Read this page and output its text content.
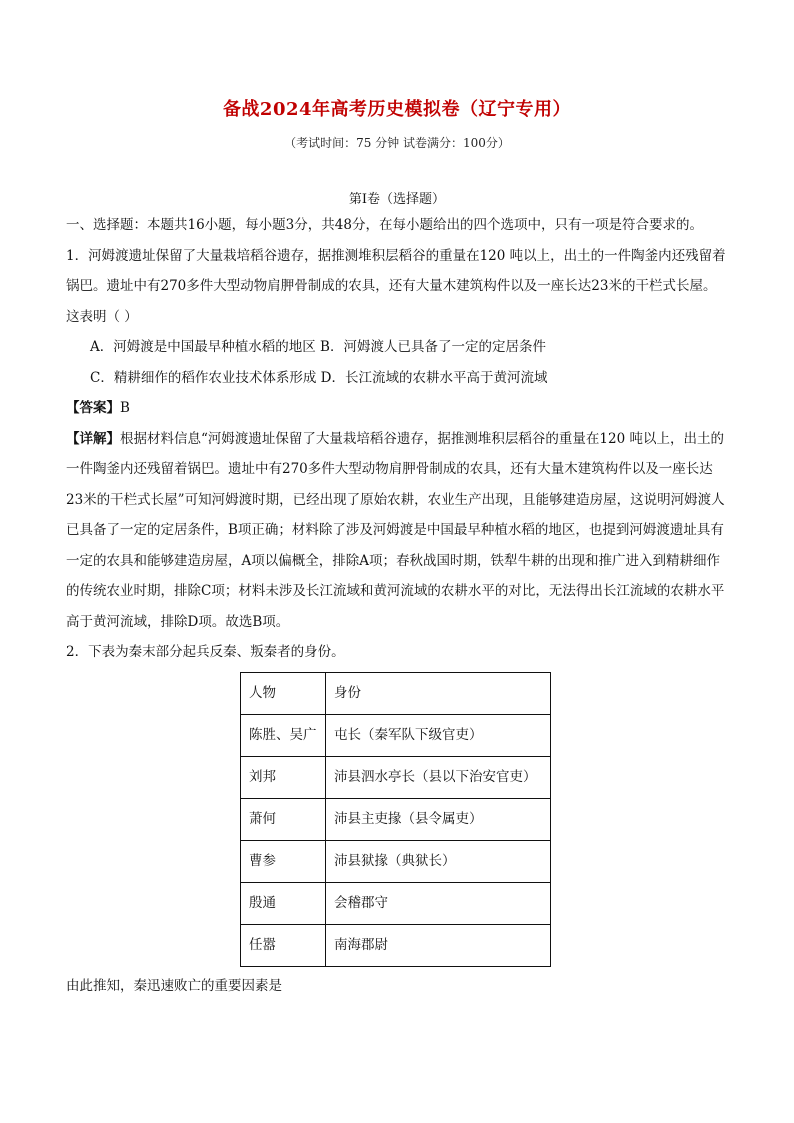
备战2024年高考历史模拟卷（辽宁专用）
（考试时间：75 分钟 试卷满分：100分）
第I卷（选择题）

一、选择题：本题共16小题，每小题3分，共48分，在每小题给出的四个选项中，只有一项是符合要求的。

1．河姆渡遗址保留了大量栽培稻谷遗存，据推测堆积层稻谷的重量在120 吨以上，出土的一件陶釜内还残留着锅巴。遗址中有270多件大型动物肩胛骨制成的农具，还有大量木建筑构件以及一座长达23米的干栏式长屋。这表明（ ）

A．河姆渡是中国最早种植水稻的地区 B．河姆渡人已具备了一定的定居条件

C．精耕细作的稻作农业技术体系形成 D．长江流域的农耕水平高于黄河流域

【答案】B

【详解】根据材料信息“河姆渡遗址保留了大量栽培稻谷遗存，据推测堆积层稻谷的重量在120 吨以上，出土的一件陶釜内还残留着锅巴。遗址中有270多件大型动物肩胛骨制成的农具，还有大量木建筑构件以及一座长达23米的干栏式长屋”可知河姆渡时期，已经出现了原始农耕，农业生产出现，且能够建造房屋，这说明河姆渡人已具备了一定的定居条件，B项正确；材料除了涉及河姆渡是中国最早种植水稻的地区，也提到河姆渡遗址具有一定的农具和能够建造房屋，A项以偏概全，排除A项；春秋战国时期，铁犁牛耕的出现和推广进入到精耕细作的传统农业时期，排除C项；材料未涉及长江流域和黄河流域的农耕水平的对比，无法得出长江流域的农耕水平高于黄河流域，排除D项。故选B项。

2．下表为秦末部分起兵反秦、叛秦者的身份。

人物	身份
陈胜、吴广	屯长（秦军队下级官吏）
刘邦	沛县泗水亭长（县以下治安官吏）
萧何	沛县主吏掾（县令属吏）
曹参	沛县狱掾（典狱长）
殷通	会稽郡守
任嚣	南海郡尉

由此推知，秦迅速败亡的重要因素是
